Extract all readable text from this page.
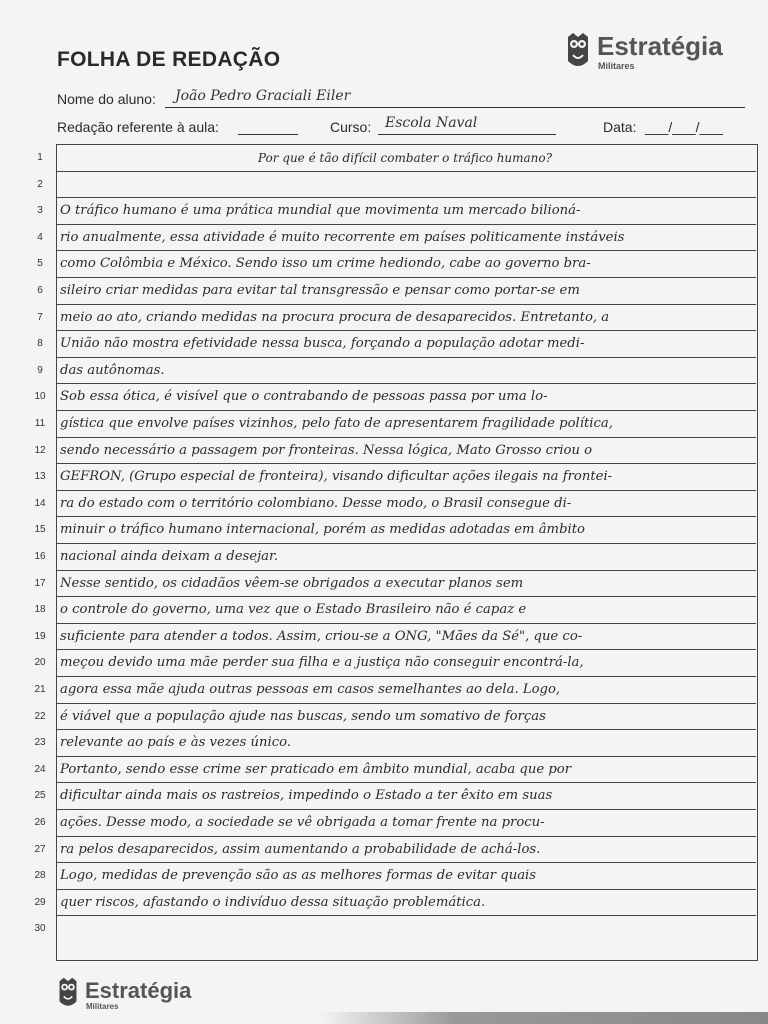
FOLHA DE REDAÇÃO	Estratégia
Militares
Nome do aluno: João Pedro Graciali Eiler
Redação referente à aula:	Curso: Escola Naval	Data: ___/___/___
1	Por que é tão difícil combater o tráfico humano?
2
3	O tráfico humano é uma prática mundial que movimenta um mercado bilioná-
4	rio anualmente, essa atividade é muito recorrente em países politicamente instáveis
5	como Colômbia e México. Sendo isso um crime hediondo, cabe ao governo bra-
6	sileiro criar medidas para evitar tal transgressão e pensar como portar-se em
7	meio ao ato, criando medidas na procura procura de desaparecidos. Entretanto, a
8	União não mostra efetividade nessa busca, forçando a população adotar medi-
9	das autônomas.
10	Sob essa ótica, é visível que o contrabando de pessoas passa por uma lo-
11	gística que envolve países vizinhos, pelo fato de apresentarem fragilidade política,
12	sendo necessário a passagem por fronteiras. Nessa lógica, Mato Grosso criou o
13	GEFRON, (Grupo especial de fronteira), visando dificultar ações ilegais na frontei-
14	ra do estado com o território colombiano. Desse modo, o Brasil consegue di-
15	minuir o tráfico humano internacional, porém as medidas adotadas em âmbito
16	nacional ainda deixam a desejar.
17	Nesse sentido, os cidadãos vêem-se obrigados a executar planos sem
18	o controle do governo, uma vez que o Estado Brasileiro não é capaz e
19	suficiente para atender a todos. Assim, criou-se a ONG, "Mães da Sé", que co-
20	meçou devido uma mãe perder sua filha e a justiça não conseguir encontrá-la,
21	agora essa mãe ajuda outras pessoas em casos semelhantes ao dela. Logo,
22	é viável que a população ajude nas buscas, sendo um somativo de forças
23	relevante ao país e às vezes único.
24	Portanto, sendo esse crime ser praticado em âmbito mundial, acaba que por
25	dificultar ainda mais os rastreios, impedindo o Estado a ter êxito em suas
26	ações. Desse modo, a sociedade se vê obrigada a tomar frente na procu-
27	ra pelos desaparecidos, assim aumentando a probabilidade de achá-los.
28	Logo, medidas de prevenção são as as melhores formas de evitar quais
29	quer riscos, afastando o indivíduo dessa situação problemática.
30
Estratégia
Militares
